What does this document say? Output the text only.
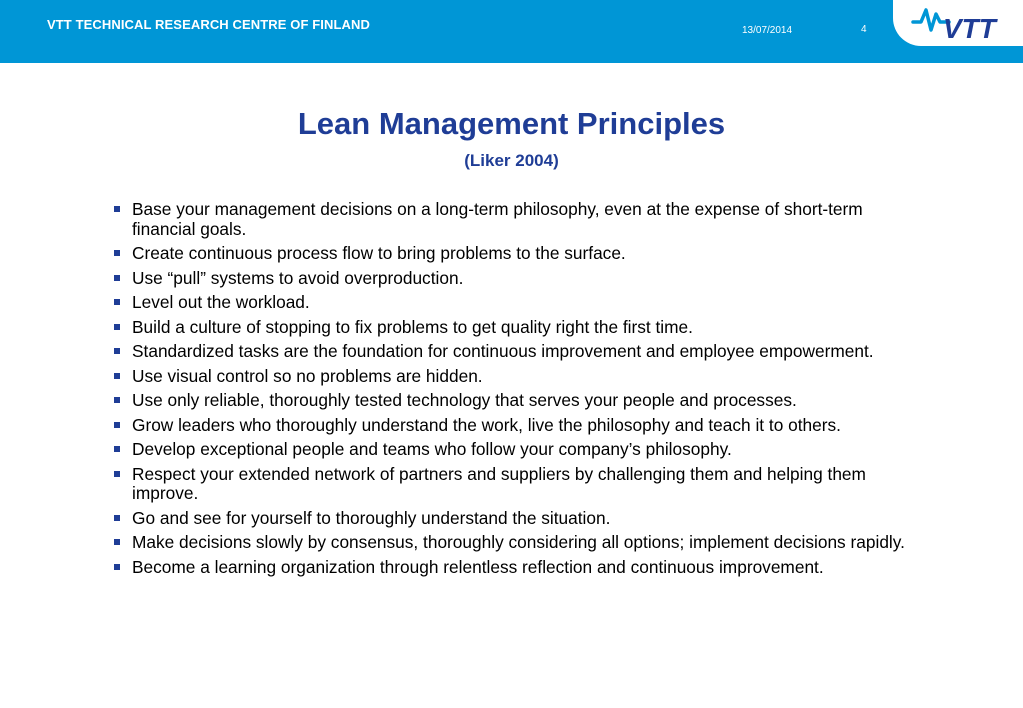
VTT TECHNICAL RESEARCH CENTRE OF FINLAND	13/07/2014	4	VTT
Lean Management Principles
(Liker 2004)
Base your management decisions on a long-term philosophy, even at the expense of short-term financial goals.
Create continuous process flow to bring problems to the surface.
Use “pull” systems to avoid overproduction.
Level out the workload.
Build a culture of stopping to fix problems to get quality right the first time.
Standardized tasks are the foundation for continuous improvement and employee empowerment.
Use visual control so no problems are hidden.
Use only reliable, thoroughly tested technology that serves your people and processes.
Grow leaders who thoroughly understand the work, live the philosophy and teach it to others.
Develop exceptional people and teams who follow your company’s philosophy.
Respect your extended network of partners and suppliers by challenging them and helping them improve.
Go and see for yourself to thoroughly understand the situation.
Make decisions slowly by consensus, thoroughly considering all options; implement decisions rapidly.
Become a learning organization through relentless reflection and continuous improvement.
